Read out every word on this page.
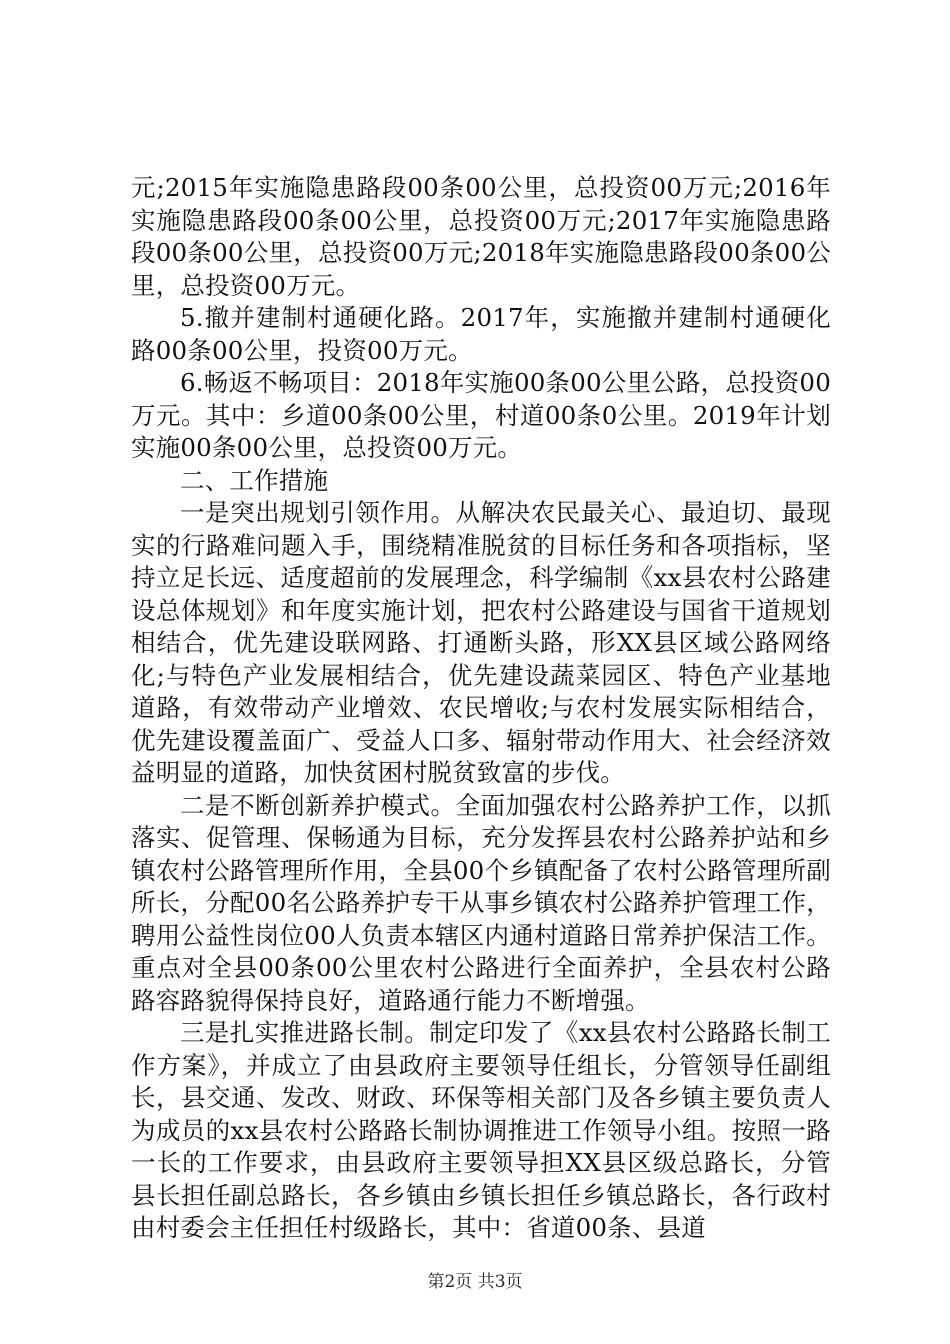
元;2015年实施隐患路段00条00公里，总投资00万元;2016年实施隐患路段00条00公里，总投资00万元;2017年实施隐患路段00条00公里，总投资00万元;2018年实施隐患路段00条00公里，总投资00万元。

5.撤并建制村通硬化路。2017年，实施撤并建制村通硬化路00条00公里，投资00万元。

6.畅返不畅项目：2018年实施00条00公里公路，总投资00万元。其中：乡道00条00公里，村道00条0公里。2019年计划实施00条00公里，总投资00万元。

二、工作措施

一是突出规划引领作用。从解决农民最关心、最迫切、最现实的行路难问题入手，围绕精准脱贫的目标任务和各项指标，坚持立足长远、适度超前的发展理念，科学编制《xx县农村公路建设总体规划》和年度实施计划，把农村公路建设与国省干道规划相结合，优先建设联网路、打通断头路，形XX县区域公路网络化;与特色产业发展相结合，优先建设蔬菜园区、特色产业基地道路，有效带动产业增效、农民增收;与农村发展实际相结合，优先建设覆盖面广、受益人口多、辐射带动作用大、社会经济效益明显的道路，加快贫困村脱贫致富的步伐。

二是不断创新养护模式。全面加强农村公路养护工作，以抓落实、促管理、保畅通为目标，充分发挥县农村公路养护站和乡镇农村公路管理所作用，全县00个乡镇配备了农村公路管理所副所长，分配00名公路养护专干从事乡镇农村公路养护管理工作，聘用公益性岗位00人负责本辖区内通村道路日常养护保洁工作。重点对全县00条00公里农村公路进行全面养护，全县农村公路路容路貌得保持良好，道路通行能力不断增强。

三是扎实推进路长制。制定印发了《xx县农村公路路长制工作方案》，并成立了由县政府主要领导任组长，分管领导任副组长，县交通、发改、财政、环保等相关部门及各乡镇主要负责人为成员的xx县农村公路路长制协调推进工作领导小组。按照一路一长的工作要求，由县政府主要领导担XX县区级总路长，分管县长担任副总路长，各乡镇由乡镇长担任乡镇总路长，各行政村由村委会主任担任村级路长，其中：省道00条、县道

第2页 共3页
